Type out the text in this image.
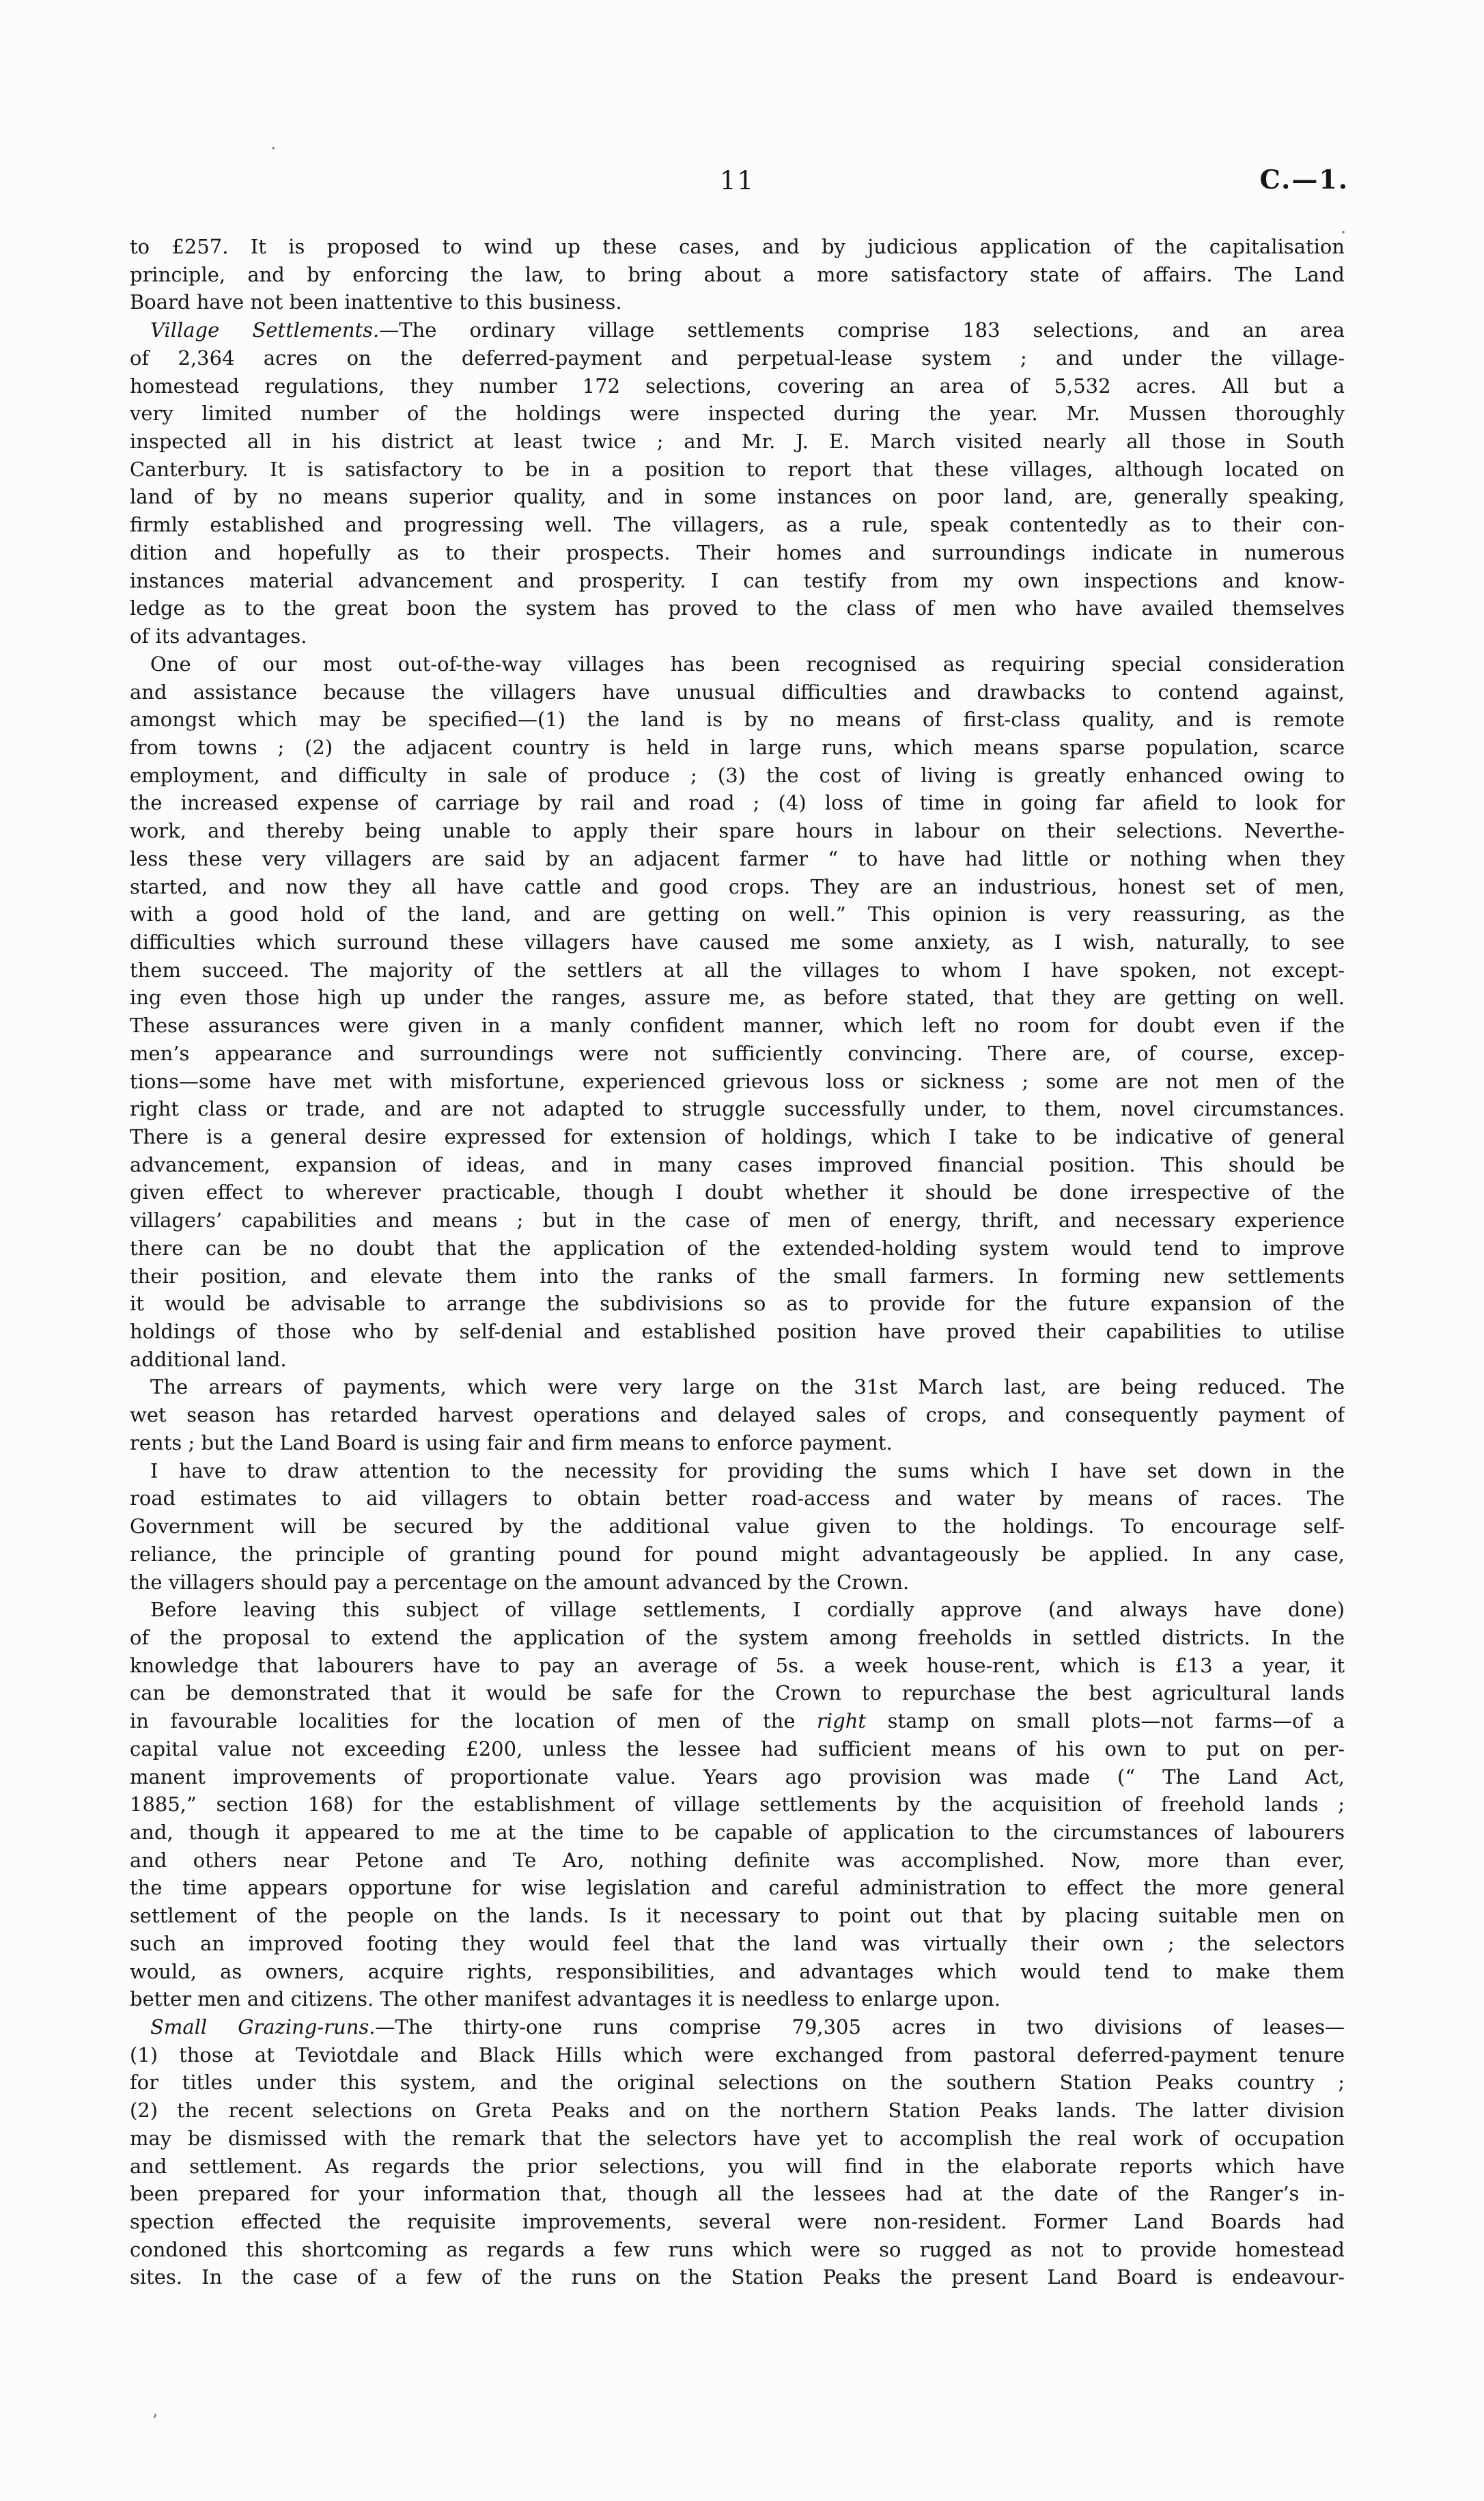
11	C.—1.
to £257. It is proposed to wind up these cases, and by judicious application of the capitalisation
principle, and by enforcing the law, to bring about a more satisfactory state of affairs. The Land
Board have not been inattentive to this business.
Village Settlements.—The ordinary village settlements comprise 183 selections, and an area
of 2,364 acres on the deferred-payment and perpetual-lease system ; and under the village-
homestead regulations, they number 172 selections, covering an area of 5,532 acres. All but a
very limited number of the holdings were inspected during the year. Mr. Mussen thoroughly
inspected all in his district at least twice ; and Mr. J. E. March visited nearly all those in South
Canterbury. It is satisfactory to be in a position to report that these villages, although located on
land of by no means superior quality, and in some instances on poor land, are, generally speaking,
firmly established and progressing well. The villagers, as a rule, speak contentedly as to their con-
dition and hopefully as to their prospects. Their homes and surroundings indicate in numerous
instances material advancement and prosperity. I can testify from my own inspections and know-
ledge as to the great boon the system has proved to the class of men who have availed themselves
of its advantages.
One of our most out-of-the-way villages has been recognised as requiring special consideration
and assistance because the villagers have unusual difficulties and drawbacks to contend against,
amongst which may be specified—(1) the land is by no means of first-class quality, and is remote
from towns ; (2) the adjacent country is held in large runs, which means sparse population, scarce
employment, and difficulty in sale of produce ; (3) the cost of living is greatly enhanced owing to
the increased expense of carriage by rail and road ; (4) loss of time in going far afield to look for
work, and thereby being unable to apply their spare hours in labour on their selections. Neverthe-
less these very villagers are said by an adjacent farmer “ to have had little or nothing when they
started, and now they all have cattle and good crops. They are an industrious, honest set of men,
with a good hold of the land, and are getting on well.” This opinion is very reassuring, as the
difficulties which surround these villagers have caused me some anxiety, as I wish, naturally, to see
them succeed. The majority of the settlers at all the villages to whom I have spoken, not except-
ing even those high up under the ranges, assure me, as before stated, that they are getting on well.
These assurances were given in a manly confident manner, which left no room for doubt even if the
men’s appearance and surroundings were not sufficiently convincing. There are, of course, excep-
tions—some have met with misfortune, experienced grievous loss or sickness ; some are not men of the
right class or trade, and are not adapted to struggle successfully under, to them, novel circumstances.
There is a general desire expressed for extension of holdings, which I take to be indicative of general
advancement, expansion of ideas, and in many cases improved financial position. This should be
given effect to wherever practicable, though I doubt whether it should be done irrespective of the
villagers’ capabilities and means ; but in the case of men of energy, thrift, and necessary experience
there can be no doubt that the application of the extended-holding system would tend to improve
their position, and elevate them into the ranks of the small farmers. In forming new settlements
it would be advisable to arrange the subdivisions so as to provide for the future expansion of the
holdings of those who by self-denial and established position have proved their capabilities to utilise
additional land.
The arrears of payments, which were very large on the 31st March last, are being reduced. The
wet season has retarded harvest operations and delayed sales of crops, and consequently payment of
rents ; but the Land Board is using fair and firm means to enforce payment.
I have to draw attention to the necessity for providing the sums which I have set down in the
road estimates to aid villagers to obtain better road-access and water by means of races. The
Government will be secured by the additional value given to the holdings. To encourage self-
reliance, the principle of granting pound for pound might advantageously be applied. In any case,
the villagers should pay a percentage on the amount advanced by the Crown.
Before leaving this subject of village settlements, I cordially approve (and always have done)
of the proposal to extend the application of the system among freeholds in settled districts. In the
knowledge that labourers have to pay an average of 5s. a week house-rent, which is £13 a year, it
can be demonstrated that it would be safe for the Crown to repurchase the best agricultural lands
in favourable localities for the location of men of the right stamp on small plots—not farms—of a
capital value not exceeding £200, unless the lessee had sufficient means of his own to put on per-
manent improvements of proportionate value. Years ago provision was made (“ The Land Act,
1885,” section 168) for the establishment of village settlements by the acquisition of freehold lands ;
and, though it appeared to me at the time to be capable of application to the circumstances of labourers
and others near Petone and Te Aro, nothing definite was accomplished. Now, more than ever,
the time appears opportune for wise legislation and careful administration to effect the more general
settlement of the people on the lands. Is it necessary to point out that by placing suitable men on
such an improved footing they would feel that the land was virtually their own ; the selectors
would, as owners, acquire rights, responsibilities, and advantages which would tend to make them
better men and citizens. The other manifest advantages it is needless to enlarge upon.
Small Grazing-runs.—The thirty-one runs comprise 79,305 acres in two divisions of leases—
(1) those at Teviotdale and Black Hills which were exchanged from pastoral deferred-payment tenure
for titles under this system, and the original selections on the southern Station Peaks country ;
(2) the recent selections on Greta Peaks and on the northern Station Peaks lands. The latter division
may be dismissed with the remark that the selectors have yet to accomplish the real work of occupation
and settlement. As regards the prior selections, you will find in the elaborate reports which have
been prepared for your information that, though all the lessees had at the date of the Ranger’s in-
spection effected the requisite improvements, several were non-resident. Former Land Boards had
condoned this shortcoming as regards a few runs which were so rugged as not to provide homestead
sites. In the case of a few of the runs on the Station Peaks the present Land Board is endeavour-
·
·
ʼ
